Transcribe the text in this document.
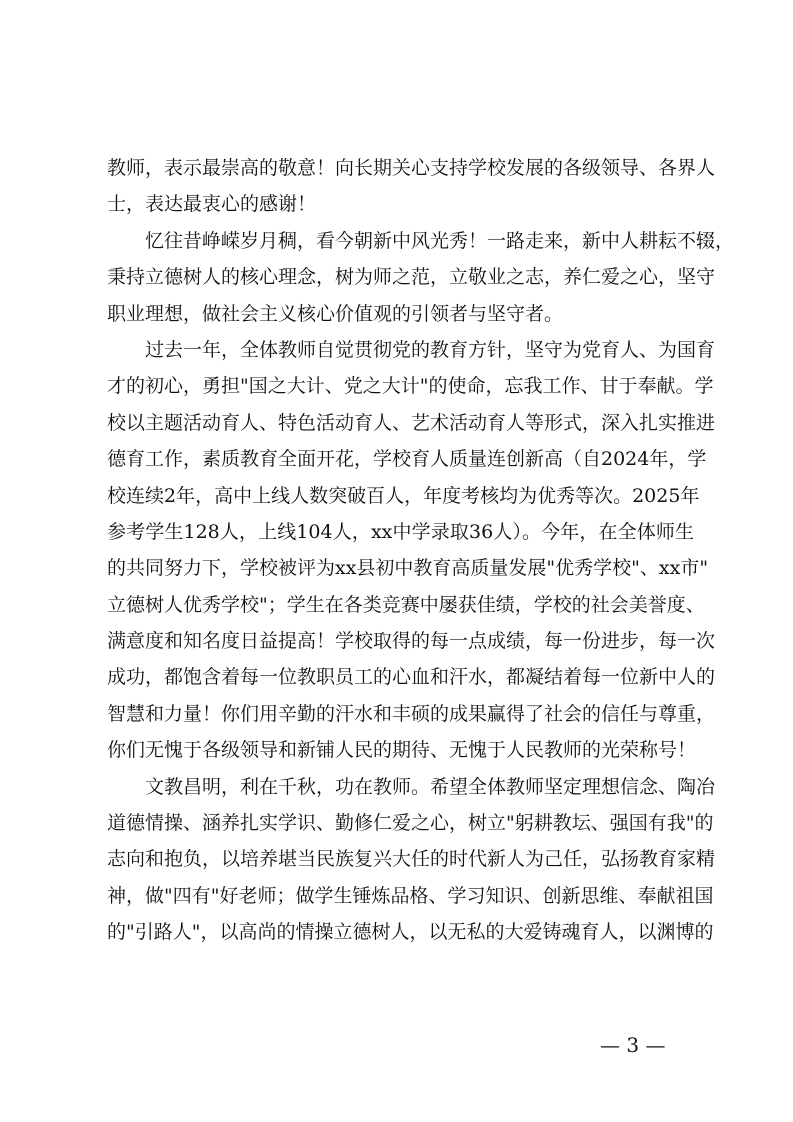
教师，表示最崇高的敬意！向长期关心支持学校发展的各级领导、各界人
士，表达最衷心的感谢！
忆往昔峥嵘岁月稠，看今朝新中风光秀！一路走来，新中人耕耘不辍，
秉持立德树人的核心理念，树为师之范，立敬业之志，养仁爱之心，坚守
职业理想，做社会主义核心价值观的引领者与坚守者。
过去一年，全体教师自觉贯彻党的教育方针，坚守为党育人、为国育
才的初心，勇担"国之大计、党之大计"的使命，忘我工作、甘于奉献。学
校以主题活动育人、特色活动育人、艺术活动育人等形式，深入扎实推进
德育工作，素质教育全面开花，学校育人质量连创新高（自2024年，学
校连续2年，高中上线人数突破百人，年度考核均为优秀等次。2025年
参考学生128人，上线104人，xx中学录取36人）。今年，在全体师生
的共同努力下，学校被评为xx县初中教育高质量发展"优秀学校"、xx市"
立德树人优秀学校"；学生在各类竞赛中屡获佳绩，学校的社会美誉度、
满意度和知名度日益提高！学校取得的每一点成绩，每一份进步，每一次
成功，都饱含着每一位教职员工的心血和汗水，都凝结着每一位新中人的
智慧和力量！你们用辛勤的汗水和丰硕的成果赢得了社会的信任与尊重，
你们无愧于各级领导和新铺人民的期待、无愧于人民教师的光荣称号！
文教昌明，利在千秋，功在教师。希望全体教师坚定理想信念、陶冶
道德情操、涵养扎实学识、勤修仁爱之心，树立"躬耕教坛、强国有我"的
志向和抱负，以培养堪当民族复兴大任的时代新人为己任，弘扬教育家精
神，做"四有"好老师；做学生锤炼品格、学习知识、创新思维、奉献祖国
的"引路人"，以高尚的情操立德树人，以无私的大爱铸魂育人，以渊博的
— 3 —
